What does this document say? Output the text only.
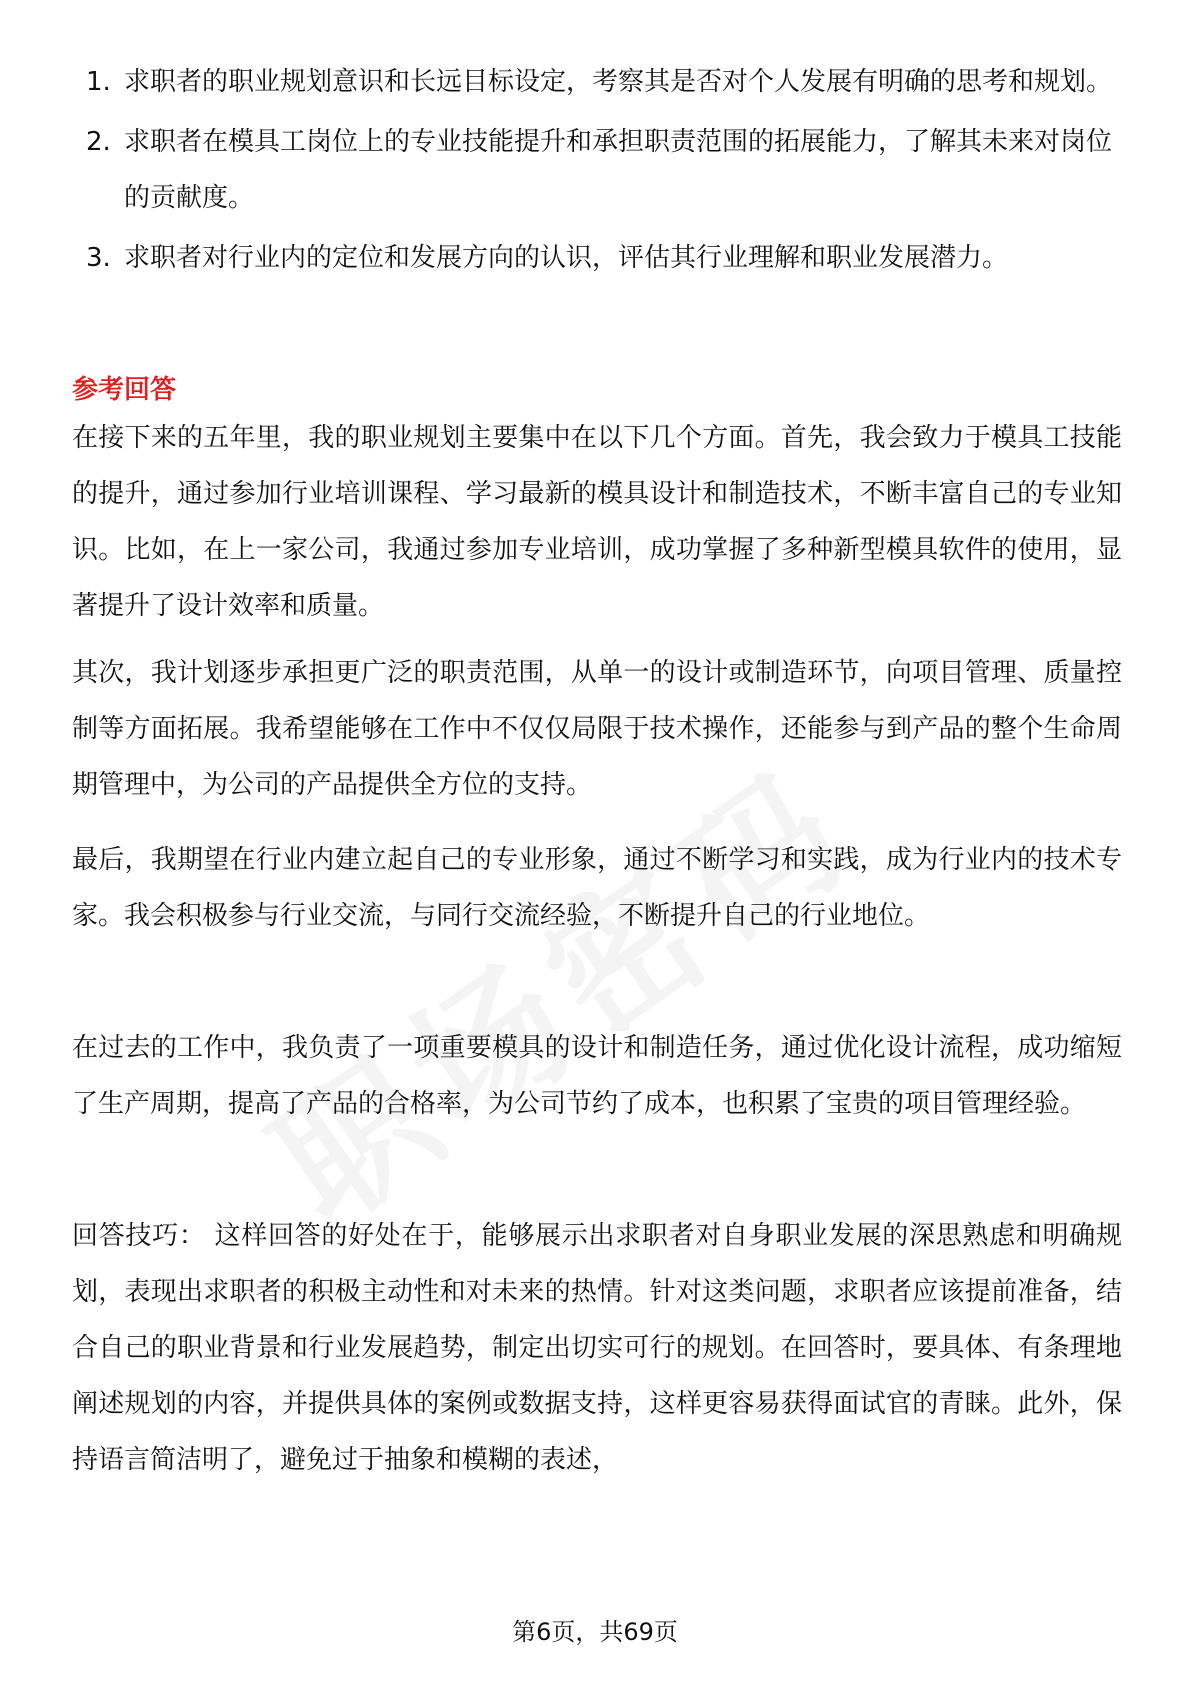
1. 求职者的职业规划意识和长远目标设定，考察其是否对个人发展有明确的思考和规划。
2. 求职者在模具工岗位上的专业技能提升和承担职责范围的拓展能力，了解其未来对岗位的贡献度。
3. 求职者对行业内的定位和发展方向的认识，评估其行业理解和职业发展潜力。
参考回答

在接下来的五年里，我的职业规划主要集中在以下几个方面。首先，我会致力于模具工技能的提升，通过参加行业培训课程、学习最新的模具设计和制造技术，不断丰富自己的专业知识。比如，在上一家公司，我通过参加专业培训，成功掌握了多种新型模具软件的使用，显著提升了设计效率和质量。

其次，我计划逐步承担更广泛的职责范围，从单一的设计或制造环节，向项目管理、质量控制等方面拓展。我希望能够在工作中不仅仅局限于技术操作，还能参与到产品的整个生命周期管理中，为公司的产品提供全方位的支持。

最后，我期望在行业内建立起自己的专业形象，通过不断学习和实践，成为行业内的技术专家。我会积极参与行业交流，与同行交流经验，不断提升自己的行业地位。

在过去的工作中，我负责了一项重要模具的设计和制造任务，通过优化设计流程，成功缩短了生产周期，提高了产品的合格率，为公司节约了成本，也积累了宝贵的项目管理经验。

回答技巧： 这样回答的好处在于，能够展示出求职者对自身职业发展的深思熟虑和明确规划，表现出求职者的积极主动性和对未来的热情。针对这类问题，求职者应该提前准备，结合自己的职业背景和行业发展趋势，制定出切实可行的规划。在回答时，要具体、有条理地阐述规划的内容，并提供具体的案例或数据支持，这样更容易获得面试官的青睐。此外，保持语言简洁明了，避免过于抽象和模糊的表述，

第6页，共69页
